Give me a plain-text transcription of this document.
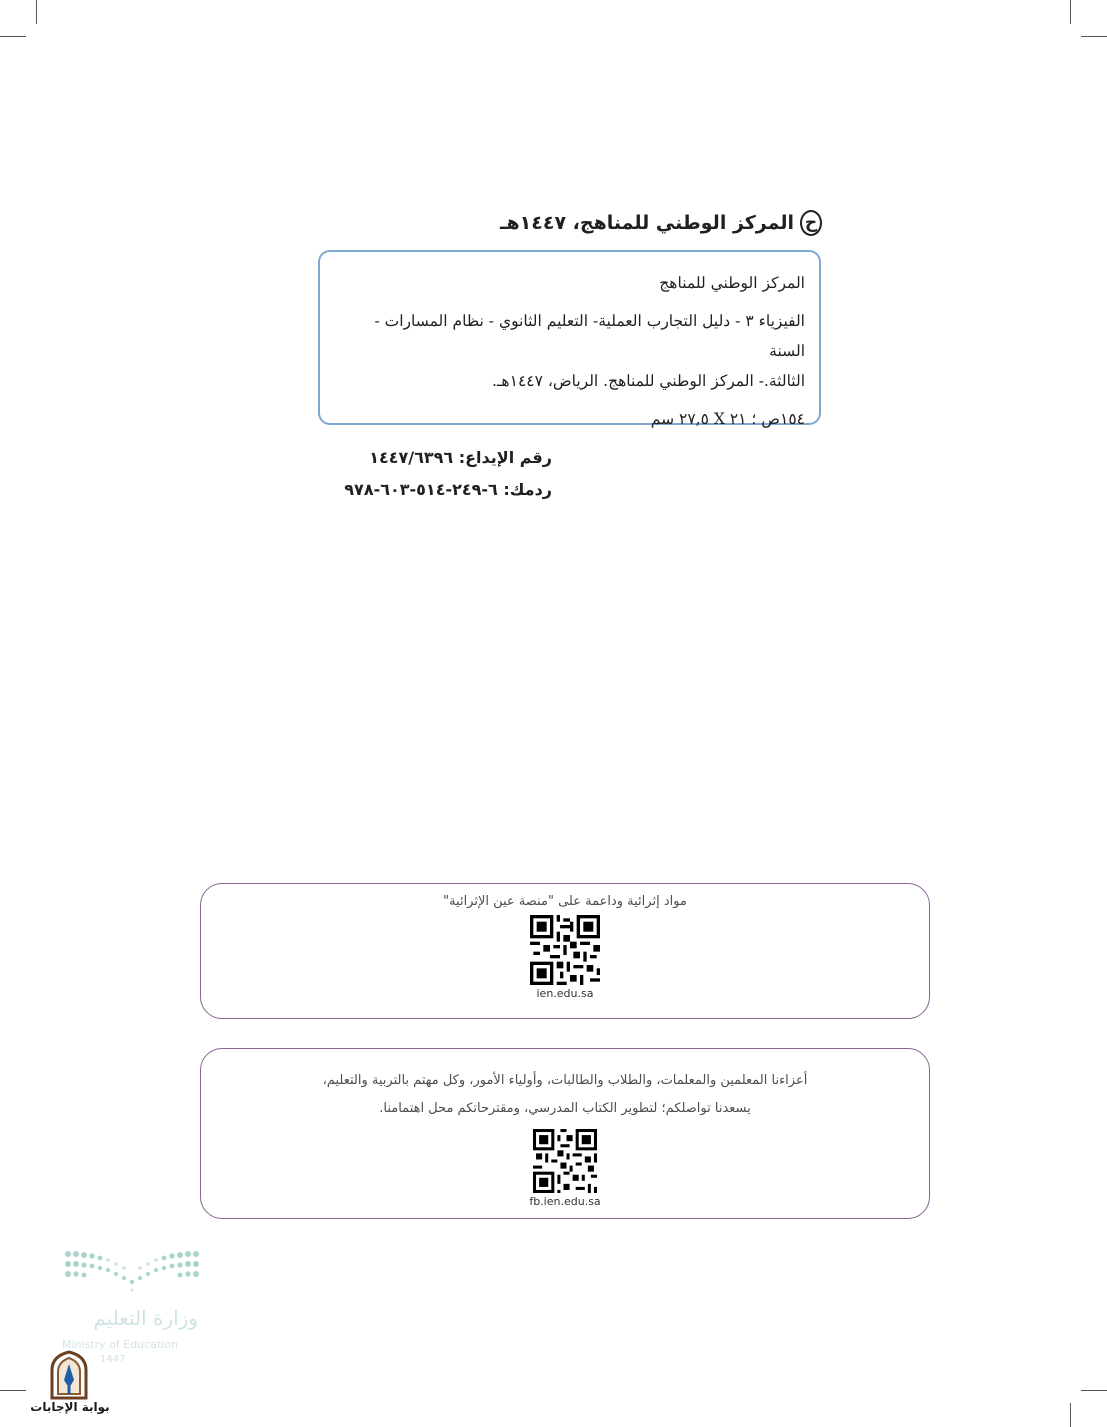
ح
المركز الوطني للمناهج، ١٤٤٧هـ

المركز الوطني للمناهج

الفيزياء ٣ - دليل التجارب العملية- التعليم الثانوي - نظام المسارات - السنة

الثالثة.- المركز الوطني للمناهج. الرياض، ١٤٤٧هـ.

١٥٤ص ؛ ٢١ X ٢٧,٥ سم

رقم الإيداع: ١٤٤٧/٦٣٩٦
ردمك: ٦-٢٤٩-٥١٤-٦٠٣-٩٧٨
مواد إثرائية وداعمة على "منصة عين الإثرائية"
ien.edu.sa
أعزاءنا المعلمين والمعلمات، والطلاب والطالبات، وأولياء الأمور، وكل مهتم بالتربية والتعليم،
يسعدنا تواصلكم؛ لتطوير الكتاب المدرسي، ومقترحاتكم محل اهتمامنا.
fb.ien.edu.sa
وزارة التعليم
Ministry of Education
1447
بوابة الإجابات
